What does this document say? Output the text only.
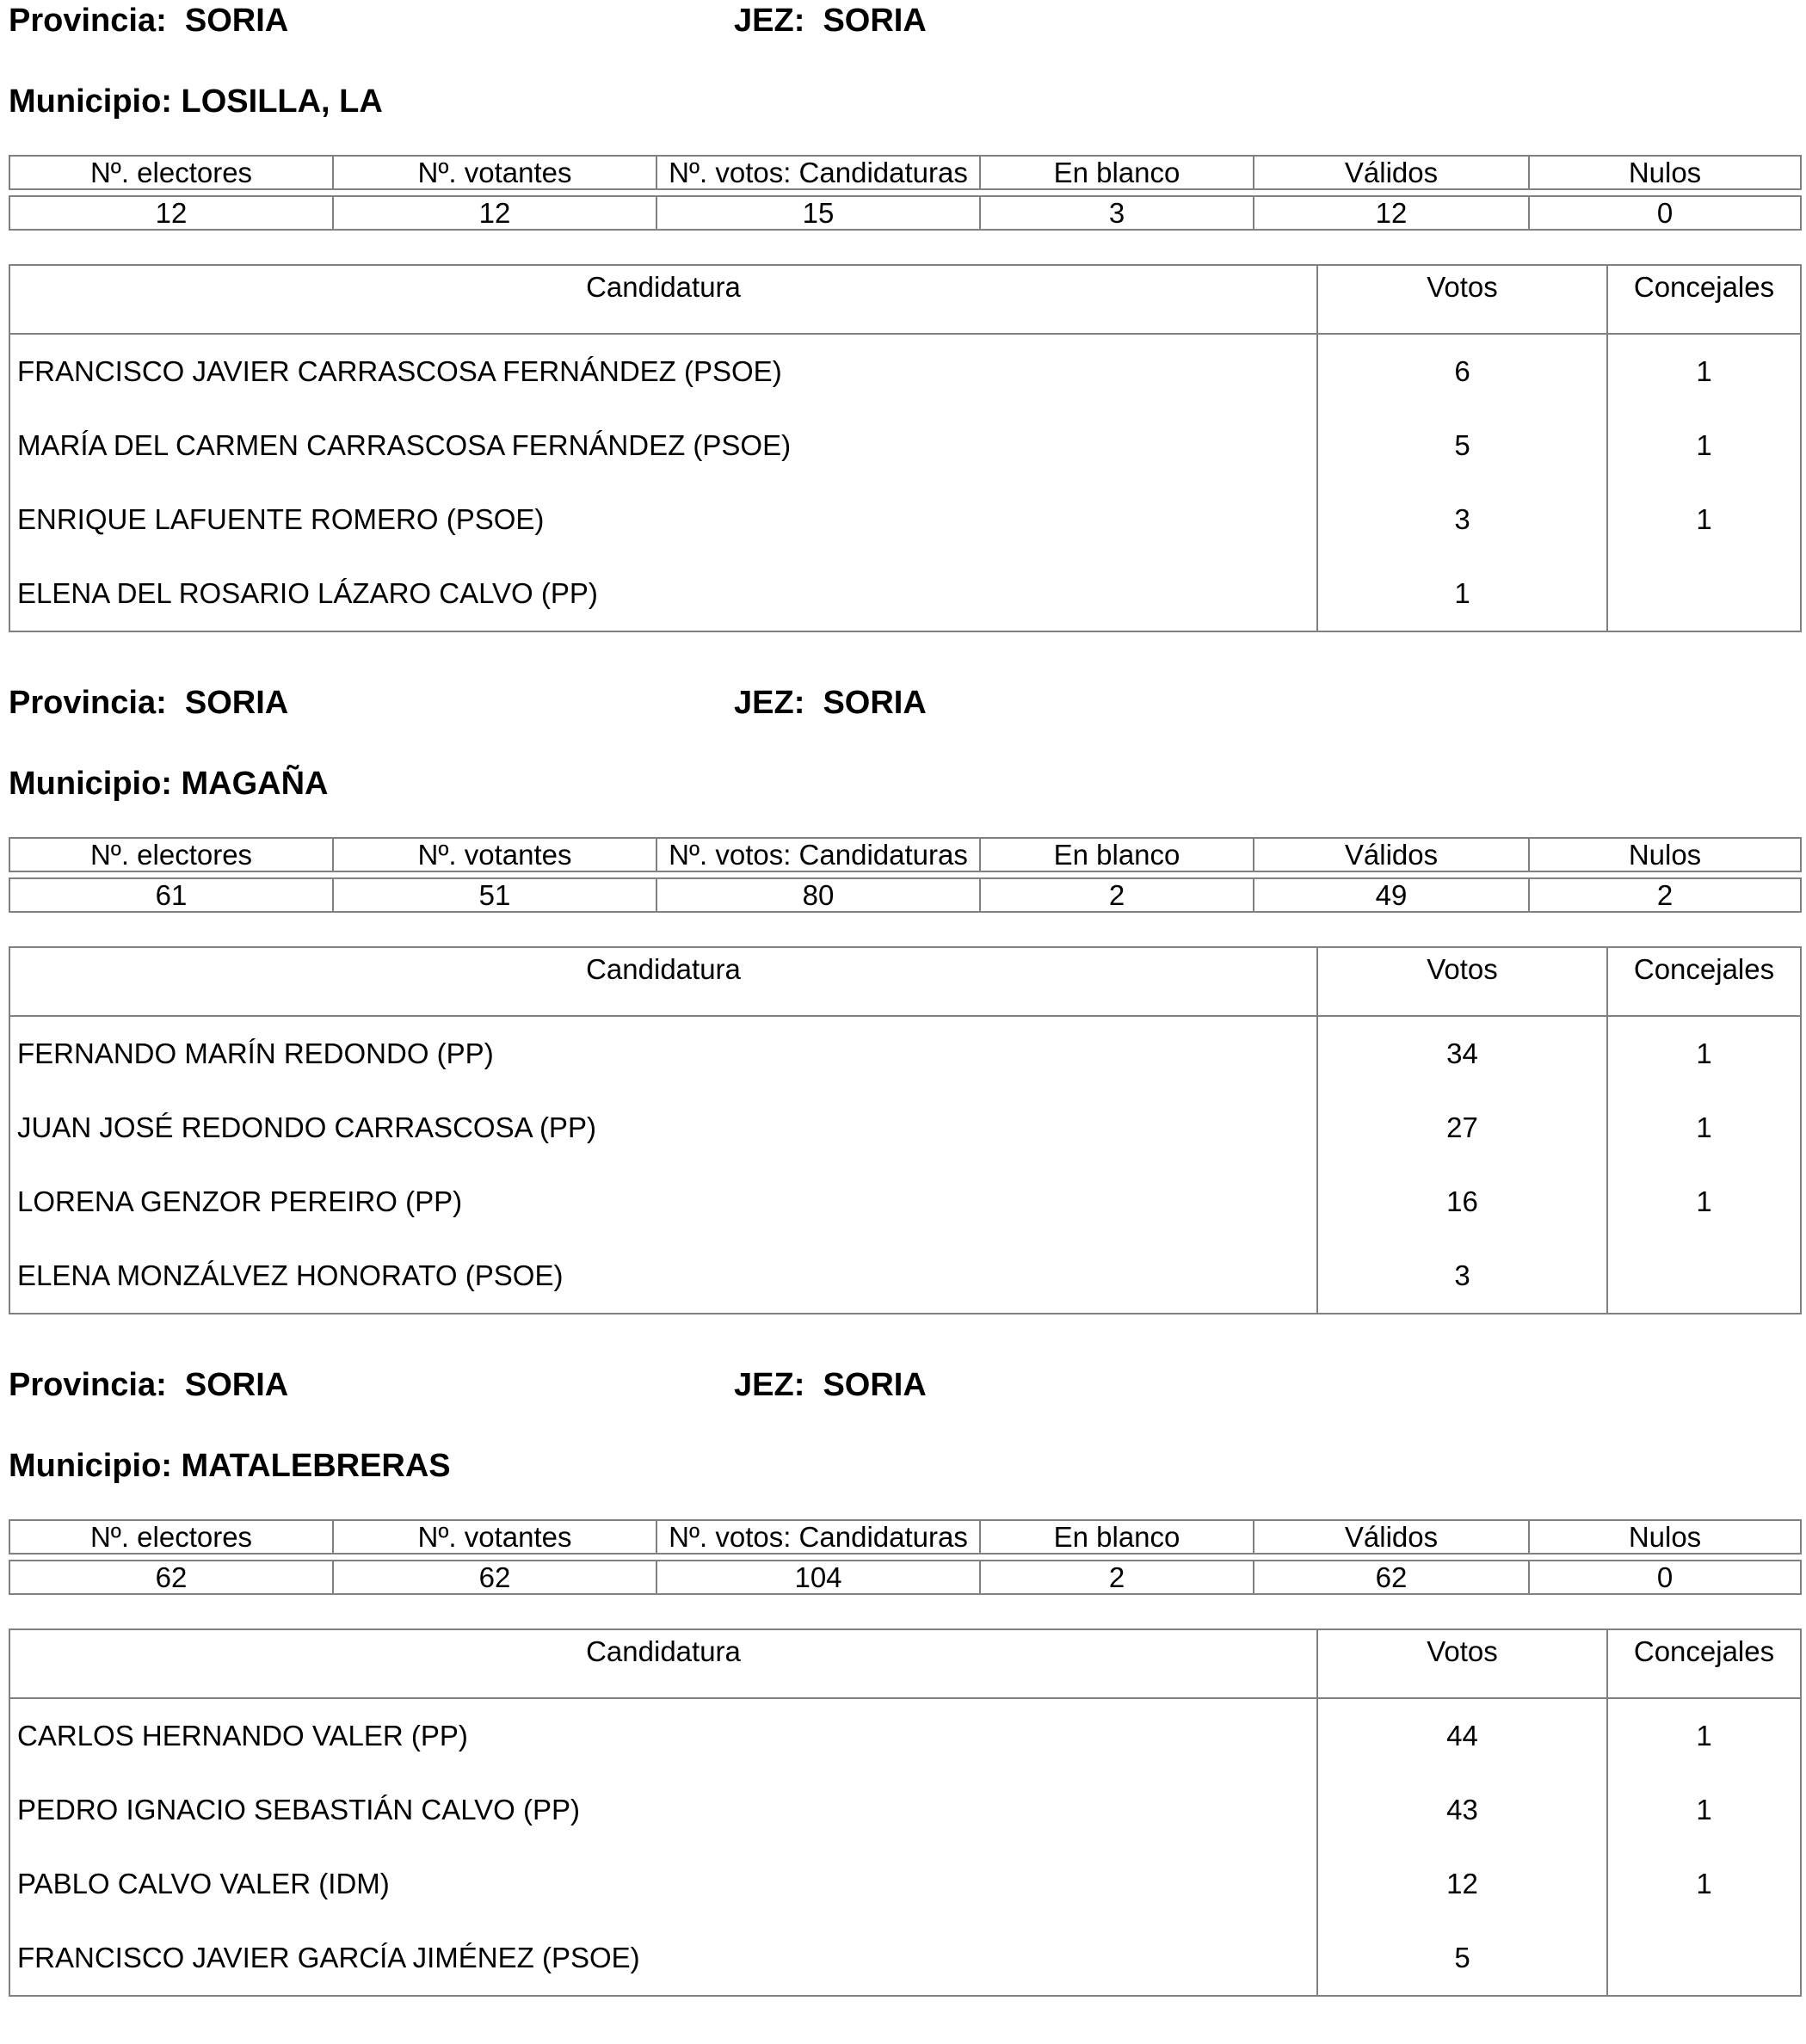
Provincia:  SORIA	JEZ:  SORIA
Municipio: LOSILLA, LA
Nº. electores	Nº. votantes	Nº. votos: Candidaturas	En blanco	Válidos	Nulos

12	12	15	3	12	0
Candidatura	Votos	Concejales
FRANCISCO JAVIER CARRASCOSA FERNÁNDEZ (PSOE)	6	1
MARÍA DEL CARMEN CARRASCOSA FERNÁNDEZ (PSOE)	5	1
ENRIQUE LAFUENTE ROMERO (PSOE)	3	1
ELENA DEL ROSARIO LÁZARO CALVO (PP)	1	
Provincia:  SORIA	JEZ:  SORIA
Municipio: MAGAÑA
Nº. electores	Nº. votantes	Nº. votos: Candidaturas	En blanco	Válidos	Nulos

61	51	80	2	49	2
Candidatura	Votos	Concejales
FERNANDO MARÍN REDONDO (PP)	34	1
JUAN JOSÉ REDONDO CARRASCOSA (PP)	27	1
LORENA GENZOR PEREIRO (PP)	16	1
ELENA MONZÁLVEZ HONORATO (PSOE)	3	
Provincia:  SORIA	JEZ:  SORIA
Municipio: MATALEBRERAS
Nº. electores	Nº. votantes	Nº. votos: Candidaturas	En blanco	Válidos	Nulos

62	62	104	2	62	0
Candidatura	Votos	Concejales
CARLOS HERNANDO VALER (PP)	44	1
PEDRO IGNACIO SEBASTIÁN CALVO (PP)	43	1
PABLO CALVO VALER (IDM)	12	1
FRANCISCO JAVIER GARCÍA JIMÉNEZ (PSOE)	5	
